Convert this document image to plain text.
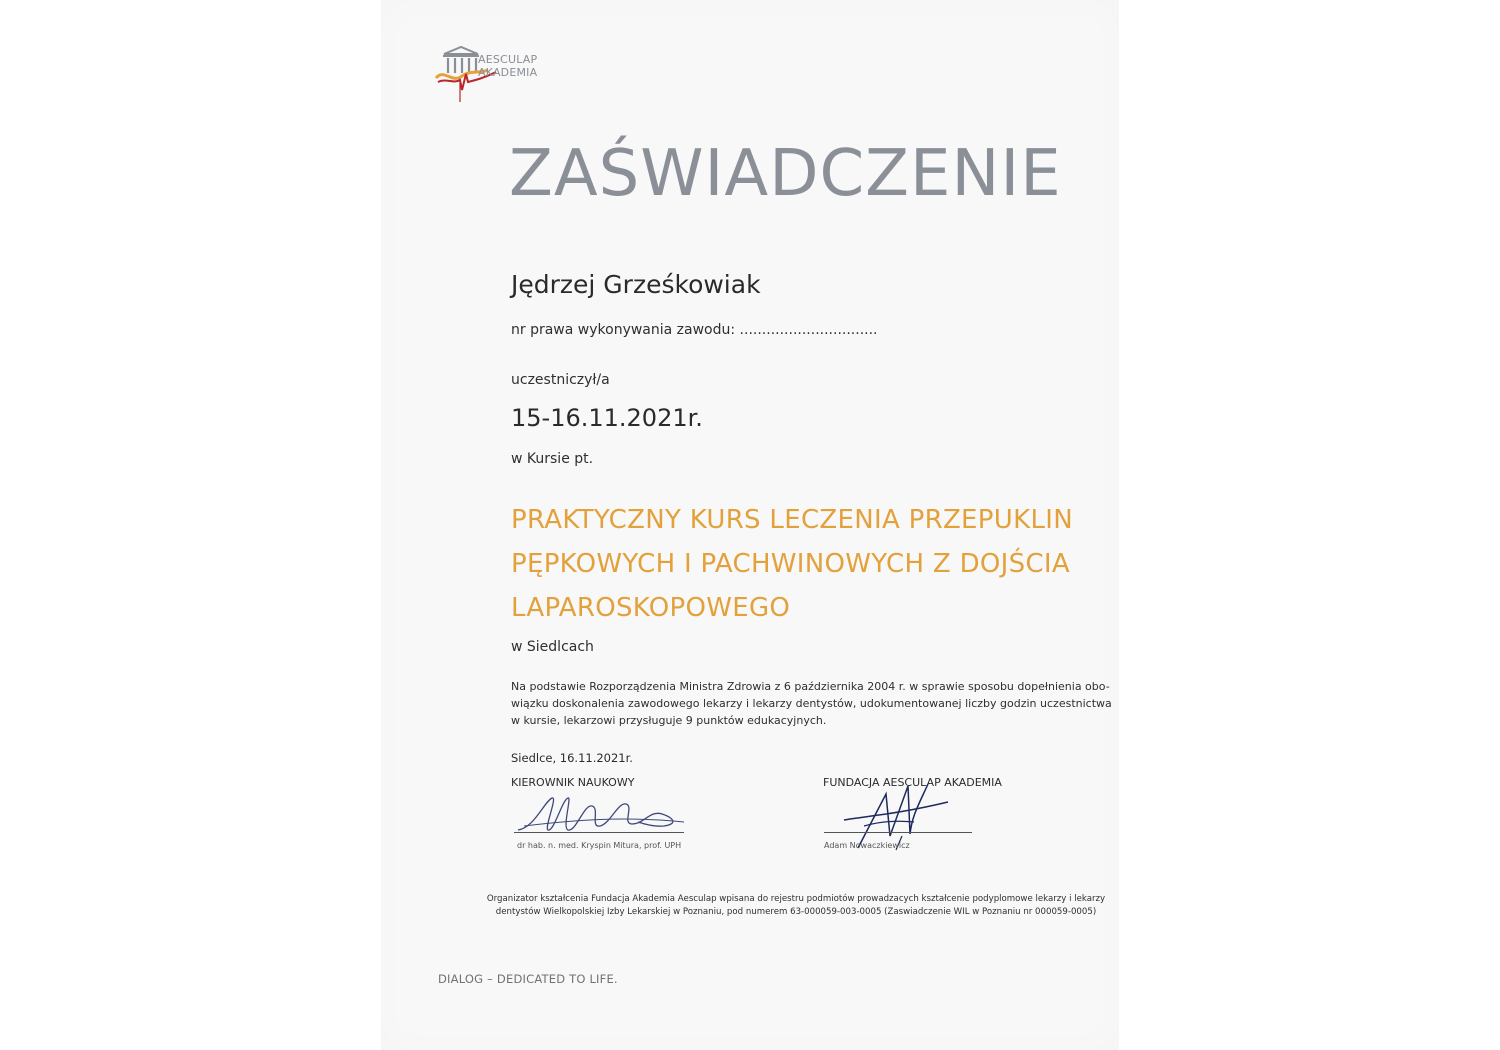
AESCULAP
AKADEMIA
ZAŚWIADCZENIE
Jędrzej Grześkowiak
nr prawa wykonywania zawodu: ...............................
uczestniczył/a
15-16.11.2021r.
w Kursie pt.
PRAKTYCZNY KURS LECZENIA PRZEPUKLIN
PĘPKOWYCH I PACHWINOWYCH Z DOJŚCIA
LAPAROSKOPOWEGO
w Siedlcach
Na podstawie Rozporządzenia Ministra Zdrowia z 6 października 2004 r. w sprawie sposobu dopełnienia obo-
wiązku doskonalenia zawodowego lekarzy i lekarzy dentystów, udokumentowanej liczby godzin uczestnictwa
w kursie, lekarzowi przysługuje 9 punktów edukacyjnych.
Siedlce, 16.11.2021r.
KIEROWNIK NAUKOWY	FUNDACJA AESCULAP AKADEMIA
dr hab. n. med. Kryspin Mitura, prof. UPH	Adam Nowaczkiewicz
Organizator kształcenia Fundacja Akademia Aesculap wpisana do rejestru podmiotów prowadzacych kształcenie podyplomowe lekarzy i lekarzy
dentystów Wielkopolskiej Izby Lekarskiej w Poznaniu, pod numerem 63-000059-003-0005 (Zaswiadczenie WIL w Poznaniu nr 000059-0005)
DIALOG – DEDICATED TO LIFE.
